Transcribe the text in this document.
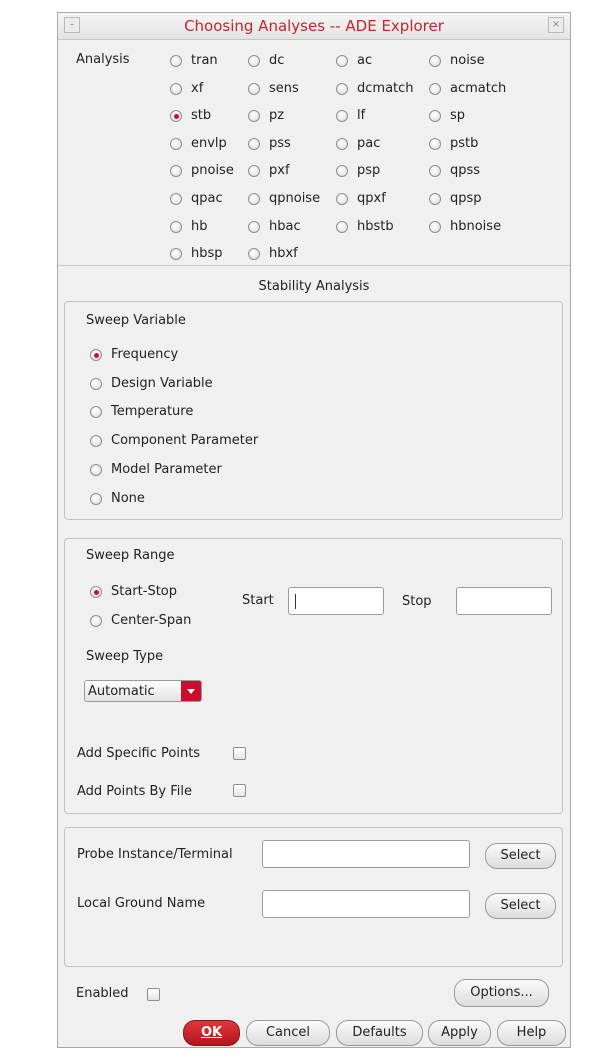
–	Choosing Analyses -- ADE Explorer	×
Analysis	tran	dc	ac	noise
xf	sens	dcmatch	acmatch
stb	pz	lf	sp
envlp	pss	pac	pstb
pnoise	pxf	psp	qpss
qpac	qpnoise	qpxf	qpsp
hb	hbac	hbstb	hbnoise
hbsp	hbxf
Stability Analysis
Sweep Variable
Frequency
Design Variable
Temperature
Component Parameter
Model Parameter
None
Sweep Range
Start-Stop
Center-Span
Start	Stop
Sweep Type
Automatic
Add Specific Points
Add Points By File
Probe Instance/Terminal	Select
Local Ground Name	Select
Enabled	Options...
OK	Cancel	Defaults	Apply	Help
